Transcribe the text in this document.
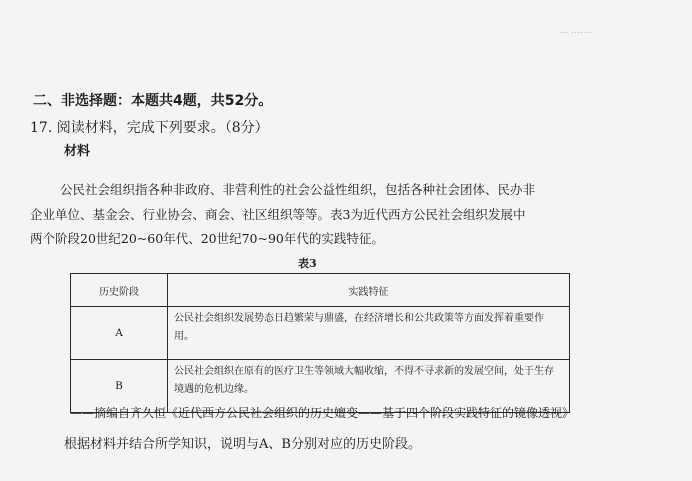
··· ·······
二、非选择题：本题共4题，共52分。
17. 阅读材料，完成下列要求。（8分）
材料
公民社会组织指各种非政府、非营利性的社会公益性组织，包括各种社会团体、民办非
企业单位、基金会、行业协会、商会、社区组织等等。表3为近代西方公民社会组织发展中
两个阶段20世纪20~60年代、20世纪70~90年代的实践特征。
表3
历史阶段	实践特征
A	公民社会组织发展势态日趋繁荣与鼎盛，在经济增长和公共政策等方面发挥着重要作用。
B	公民社会组织在原有的医疗卫生等领域大幅收缩，不得不寻求新的发展空间，处于生存境遇的危机边缘。
——摘编自齐久恒《近代西方公民社会组织的历史嬗变——基于四个阶段实践特征的镜像透视》
根据材料并结合所学知识，说明与A、B分别对应的历史阶段。
